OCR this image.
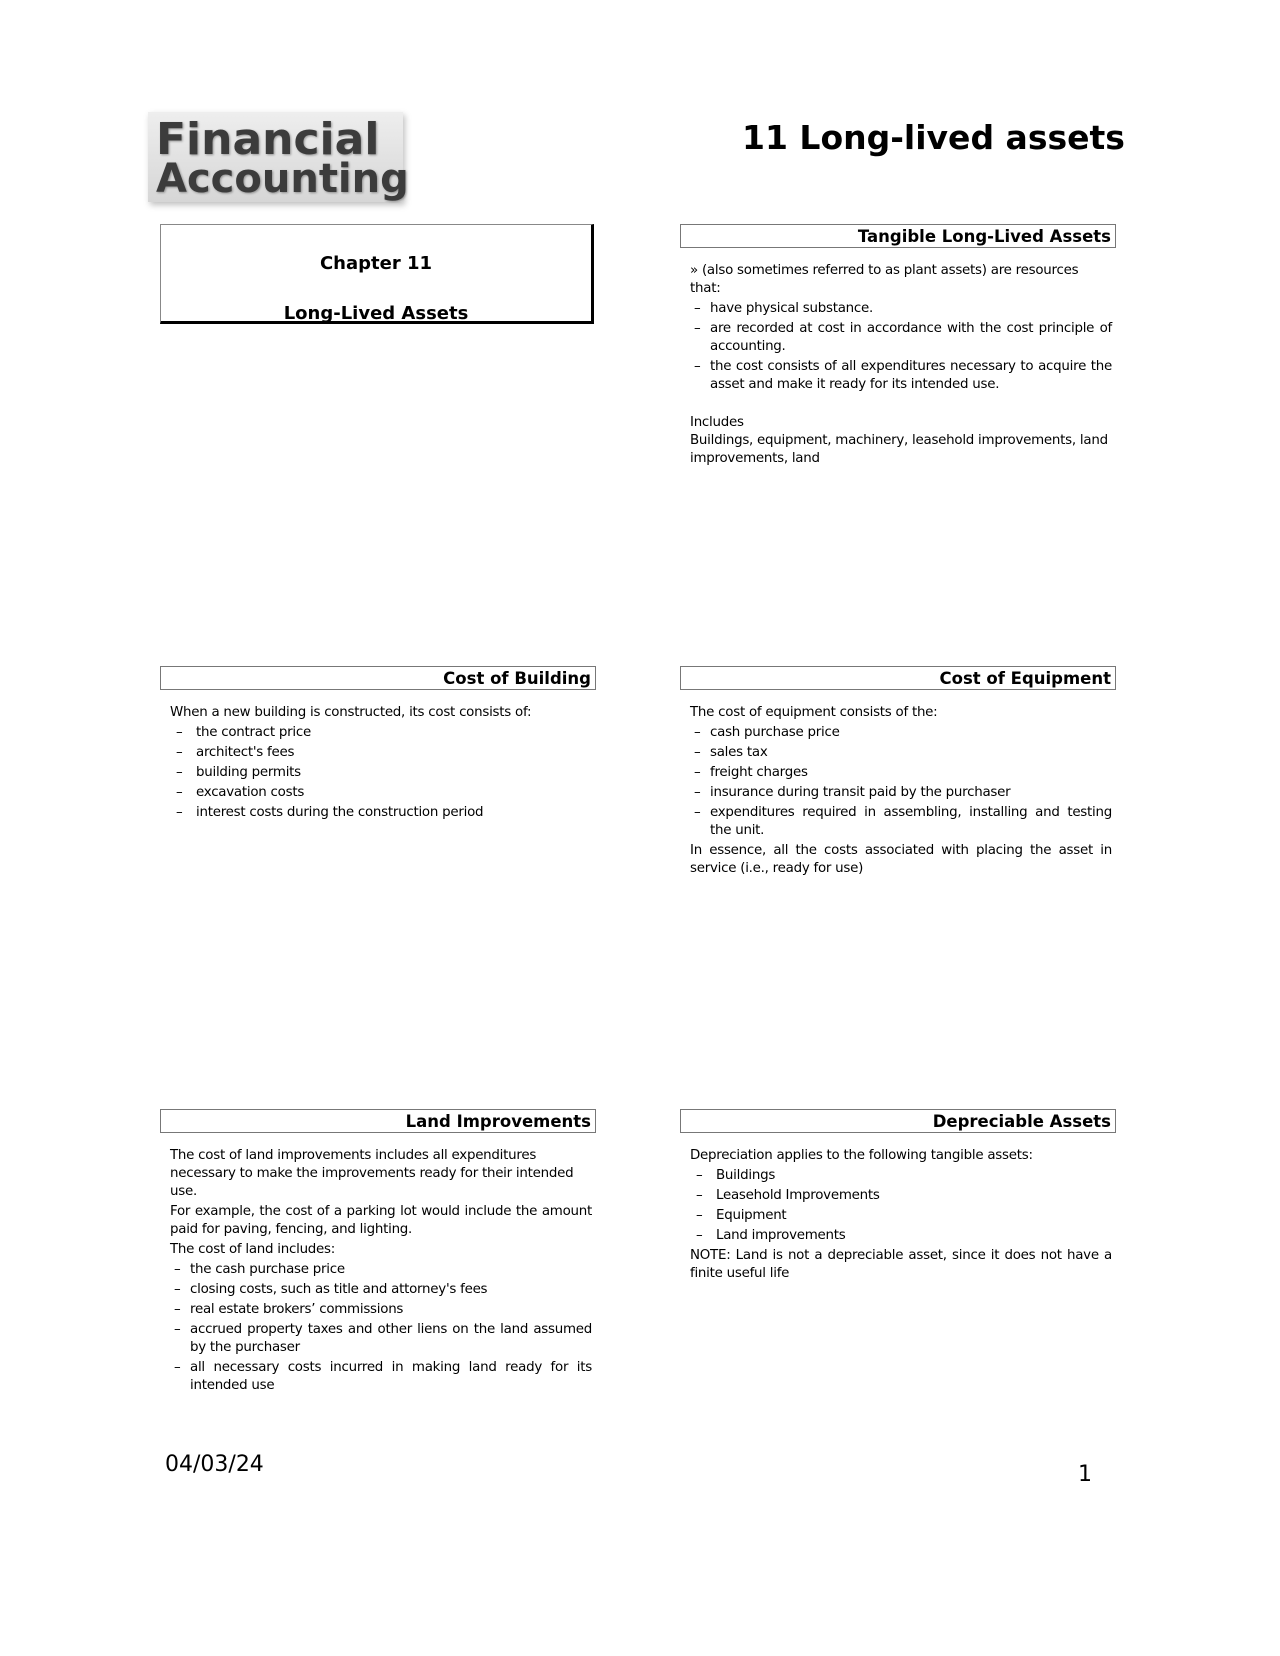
Financial
Accounting
11 Long-lived assets
Chapter 11
Long-Lived Assets
Tangible Long-Lived Assets
» (also sometimes referred to as plant assets) are resources that:
– have physical substance.
– are recorded at cost in accordance with the cost principle of accounting.
– the cost consists of all expenditures necessary to acquire the asset and make it ready for its intended use.
Includes
Buildings, equipment, machinery, leasehold improvements, land improvements, land
Cost of Building
When a new building is constructed, its cost consists of:
– the contract price
– architect's fees
– building permits
– excavation costs
– interest costs during the construction period
Cost of Equipment
The cost of equipment consists of the:
– cash purchase price
– sales tax
– freight charges
– insurance during transit paid by the purchaser
– expenditures required in assembling, installing and testing the unit.
In essence, all the costs associated with placing the asset in service (i.e., ready for use)
Land Improvements
The cost of land improvements includes all expenditures necessary to make the improvements ready for their intended use.
For example, the cost of a parking lot would include the amount paid for paving, fencing, and lighting.
The cost of land includes:
– the cash purchase price
– closing costs, such as title and attorney's fees
– real estate brokers’ commissions
– accrued property taxes and other liens on the land assumed by the purchaser
– all necessary costs incurred in making land ready for its intended use
Depreciable Assets
Depreciation applies to the following tangible assets:
– Buildings
– Leasehold Improvements
– Equipment
– Land improvements
NOTE: Land is not a depreciable asset, since it does not have a finite useful life
04/03/24	1
